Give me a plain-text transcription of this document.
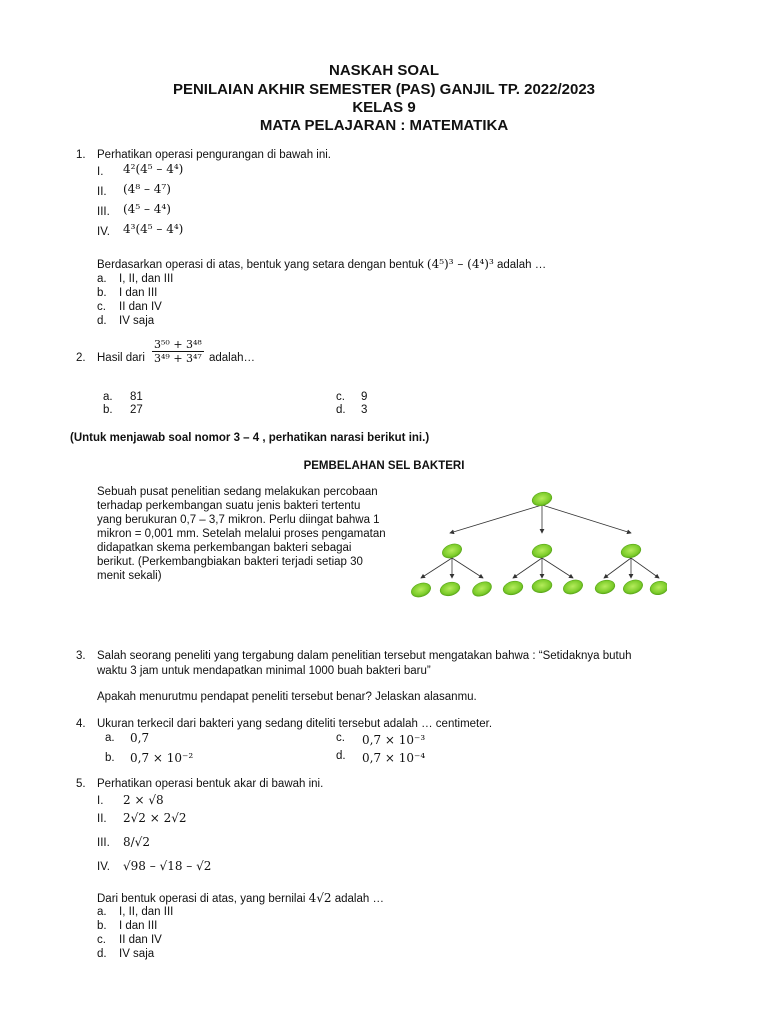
NASKAH SOAL
PENILAIAN AKHIR SEMESTER (PAS) GANJIL TP. 2022/2023
KELAS 9
MATA PELAJARAN : MATEMATIKA
1. Perhatikan operasi pengurangan di bawah ini.
I. 4²(4⁵ – 4⁴)
II. (4⁸ – 4⁷)
III. (4⁵ – 4⁴)
IV. 4³(4⁵ – 4⁴)
Berdasarkan operasi di atas, bentuk yang setara dengan bentuk (4⁵)³ – (4⁴)³ adalah …
a. I, II, dan III
b. I dan III
c. II dan IV
d. IV saja
2. Hasil dari $\frac{\text{3⁵⁰ + 3⁴⁸}}{\text{3⁴⁹ + 3⁴⁷}}$ adalah…
a. 81
b. 27
c. 9
d. 3
(Untuk menjawab soal nomor 3 – 4 , perhatikan narasi berikut ini.)
PEMBELAHAN SEL BAKTERI
Sebuah pusat penelitian sedang melakukan percobaan terhadap perkembangan suatu jenis bakteri tertentu yang berukuran 0,7 – 3,7 mikron. Perlu diingat bahwa 1 mikron = 0,001 mm. Setelah melalui proses pengamatan didapatkan skema perkembangan bakteri sebagai berikut. (Perkembangbiakan bakteri terjadi setiap 30 menit sekali)
3. Salah seorang peneliti yang tergabung dalam penelitian tersebut mengatakan bahwa : “Setidaknya butuh
waktu 3 jam untuk mendapatkan minimal 1000 buah bakteri baru”
Apakah menurutmu pendapat peneliti tersebut benar? Jelaskan alasanmu.
4. Ukuran terkecil dari bakteri yang sedang diteliti tersebut adalah … centimeter.
a. 0,7
b. 0,7 × 10⁻²
c. 0,7 × 10⁻³
d. 0,7 × 10⁻⁴
5. Perhatikan operasi bentuk akar di bawah ini.
I. 2 × √8
II. 2√2 × 2√2
III. 8/√2
IV. √98 – √18 – √2
Dari bentuk operasi di atas, yang bernilai 4√2 adalah …
a. I, II, dan III
b. I dan III
c. II dan IV
d. IV saja
